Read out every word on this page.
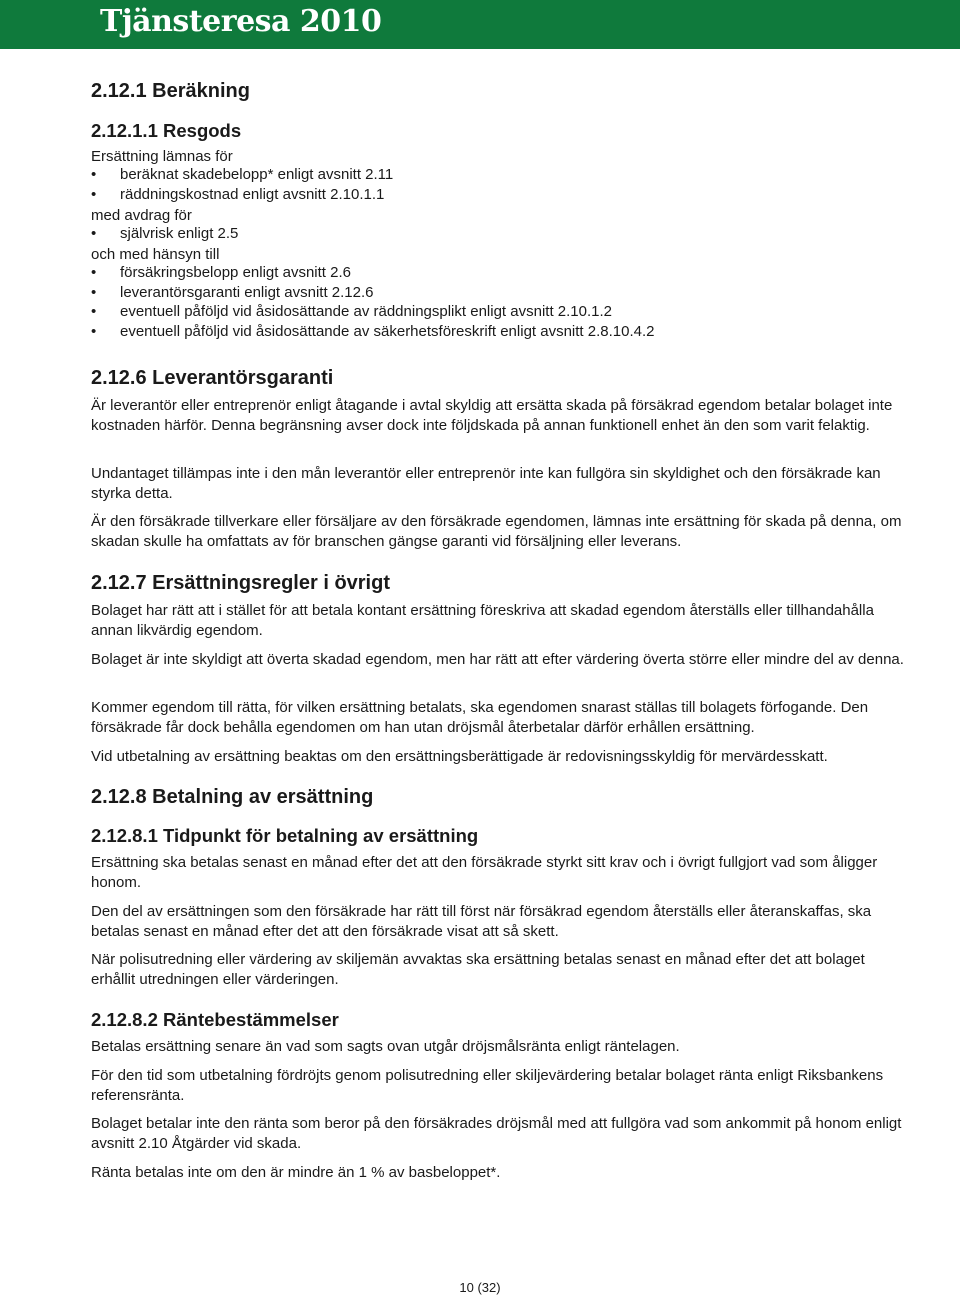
Tjänsteresa 2010
2.12.1 Beräkning
2.12.1.1 Resgods
Ersättning lämnas för
•	beräknat skadebelopp* enligt avsnitt 2.11
•	räddningskostnad enligt avsnitt 2.10.1.1
med avdrag för
•	självrisk enligt 2.5
och med hänsyn till
•	försäkringsbelopp enligt avsnitt 2.6
•	leverantörsgaranti enligt avsnitt 2.12.6
•	eventuell påföljd vid åsidosättande av räddningsplikt enligt avsnitt 2.10.1.2
•	eventuell påföljd vid åsidosättande av säkerhetsföreskrift enligt avsnitt 2.8.10.4.2
2.12.6 Leverantörsgaranti

Är leverantör eller entreprenör enligt åtagande i avtal skyldig att ersätta skada på försäkrad egendom betalar bolaget inte kostnaden härför. Denna begränsning avser dock inte följdskada på annan funktionell enhet än den som varit felaktig.

Undantaget tillämpas inte i den mån leverantör eller entreprenör inte kan fullgöra sin skyldighet och den försäkrade kan styrka detta.

Är den försäkrade tillverkare eller försäljare av den försäkrade egendomen, lämnas inte ersättning för skada på denna, om skadan skulle ha omfattats av för branschen gängse garanti vid försäljning eller leverans.

2.12.7 Ersättningsregler i övrigt

Bolaget har rätt att i stället för att betala kontant ersättning föreskriva att skadad egendom återställs eller tillhandahålla annan likvärdig egendom.

Bolaget är inte skyldigt att överta skadad egendom, men har rätt att efter värdering överta större eller mindre del av denna.

Kommer egendom till rätta, för vilken ersättning betalats, ska egendomen snarast ställas till bolagets förfogande. Den försäkrade får dock behålla egendomen om han utan dröjsmål återbetalar därför erhållen ersättning.

Vid utbetalning av ersättning beaktas om den ersättningsberättigade är redovisningsskyldig för mervärdesskatt.

2.12.8 Betalning av ersättning
2.12.8.1 Tidpunkt för betalning av ersättning

Ersättning ska betalas senast en månad efter det att den försäkrade styrkt sitt krav och i övrigt fullgjort vad som åligger honom.

Den del av ersättningen som den försäkrade har rätt till först när försäkrad egendom återställs eller återanskaffas, ska betalas senast en månad efter det att den försäkrade visat att så skett.

När polisutredning eller värdering av skiljemän avvaktas ska ersättning betalas senast en månad efter det att bolaget erhållit utredningen eller värderingen.

2.12.8.2 Räntebestämmelser

Betalas ersättning senare än vad som sagts ovan utgår dröjsmålsränta enligt räntelagen.

För den tid som utbetalning fördröjts genom polisutredning eller skiljevärdering betalar bolaget ränta enligt Riksbankens referensränta.

Bolaget betalar inte den ränta som beror på den försäkrades dröjsmål med att fullgöra vad som ankommit på honom enligt avsnitt 2.10 Åtgärder vid skada.

Ränta betalas inte om den är mindre än 1 % av basbeloppet*.

10 (32)
